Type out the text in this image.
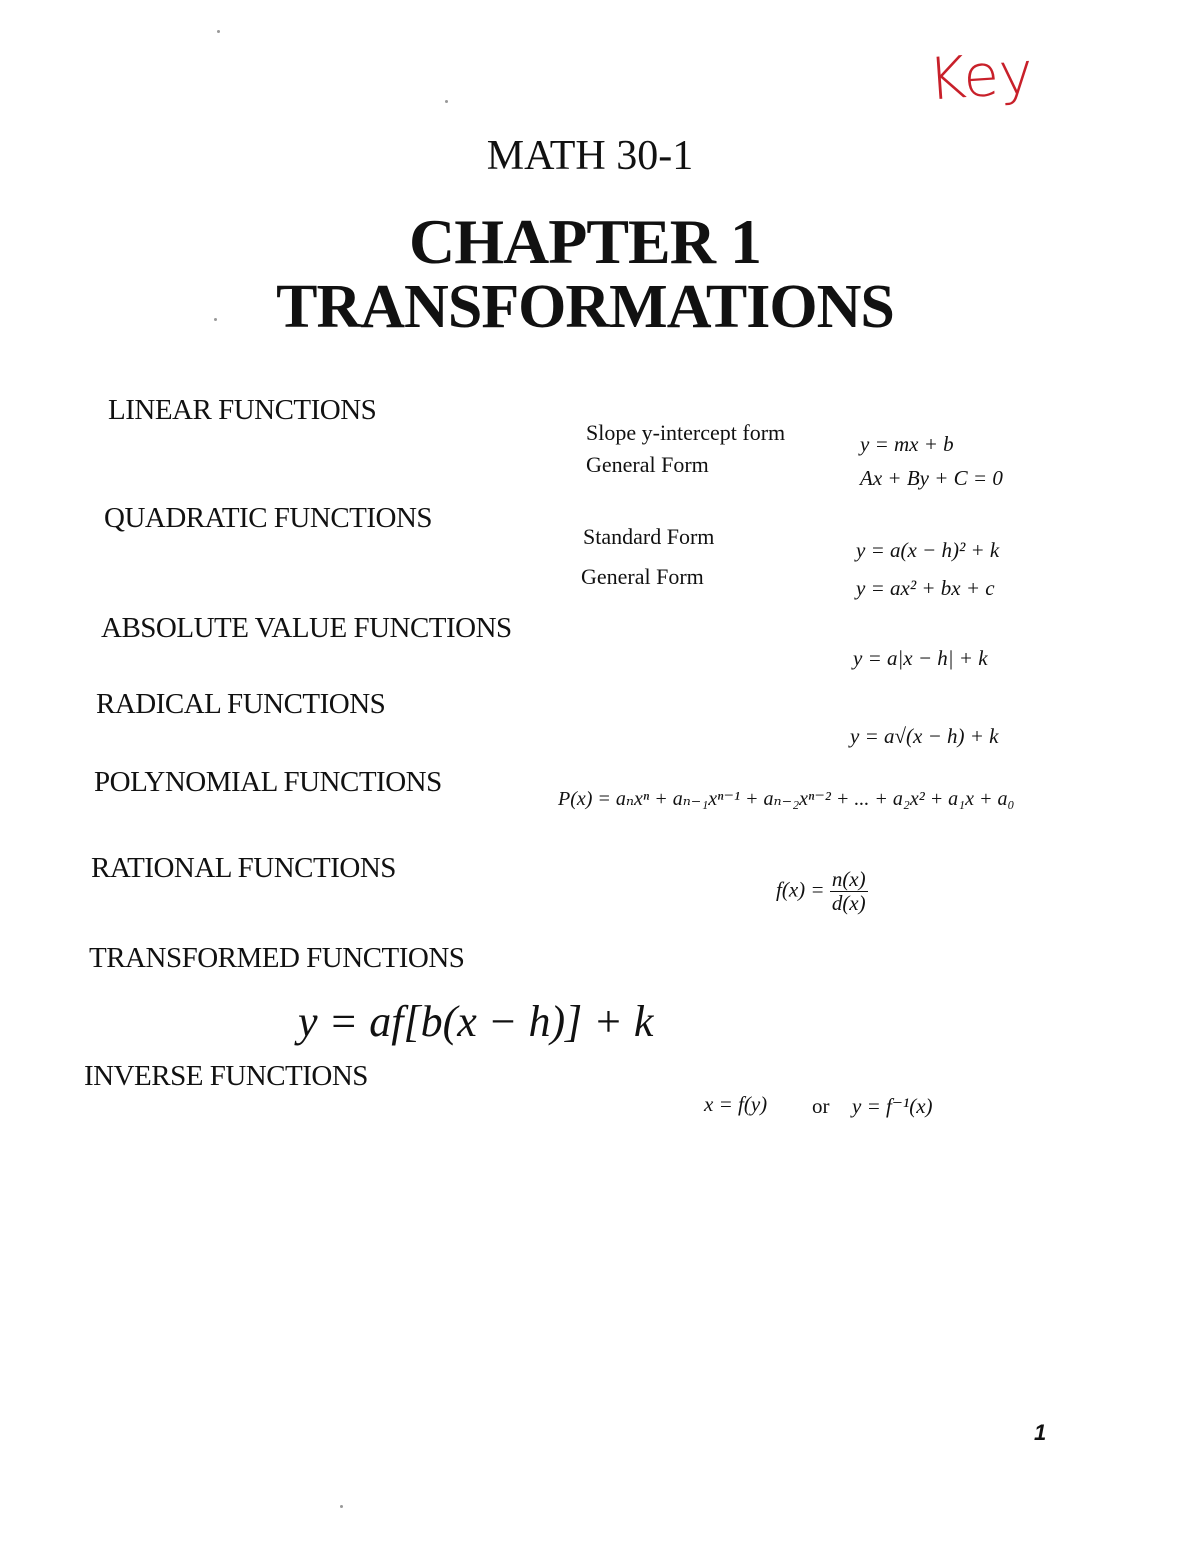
Key
MATH 30-1
CHAPTER 1
TRANSFORMATIONS
LINEAR FUNCTIONS
Slope y-intercept form	y = mx + b
General Form
Ax + By + C = 0
QUADRATIC FUNCTIONS
Standard Form
y = a(x − h)² + k
General Form	y = ax² + bx + c
ABSOLUTE VALUE FUNCTIONS
y = a|x − h| + k
RADICAL FUNCTIONS
y = a√(x − h) + k
POLYNOMIAL FUNCTIONS
P(x) = aₙxⁿ + aₙ₋₁xⁿ⁻¹ + aₙ₋₂xⁿ⁻² + ... + a₂x² + a₁x + a₀
RATIONAL FUNCTIONS
$f(x) = \frac{n(x)}{d(x)}$
TRANSFORMED FUNCTIONS
y = af[b(x − h)] + k
INVERSE FUNCTIONS
x = f(y) or y = f⁻¹(x)
1
